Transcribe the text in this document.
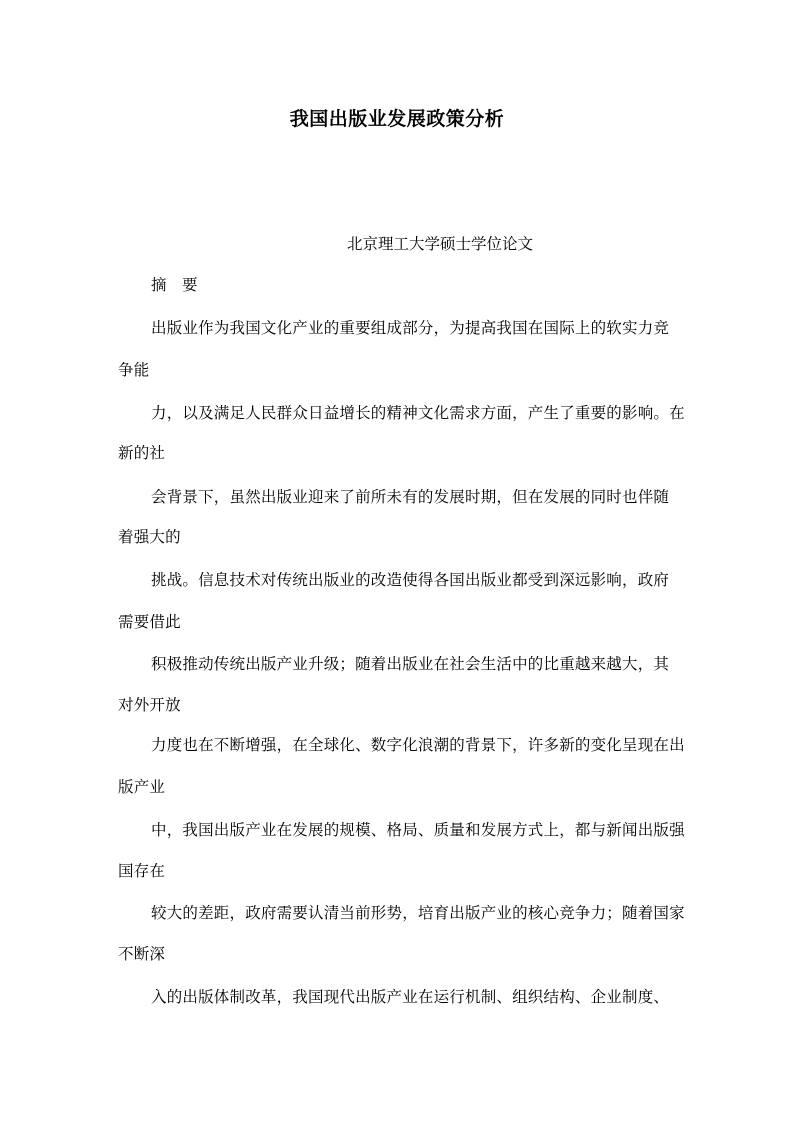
我国出版业发展政策分析
北京理工大学硕士学位论文
摘　要
出版业作为我国文化产业的重要组成部分，为提高我国在国际上的软实力竞
争能
力，以及满足人民群众日益增长的精神文化需求方面，产生了重要的影响。在
新的社
会背景下，虽然出版业迎来了前所未有的发展时期，但在发展的同时也伴随
着强大的
挑战。信息技术对传统出版业的改造使得各国出版业都受到深远影响，政府
需要借此
积极推动传统出版产业升级；随着出版业在社会生活中的比重越来越大，其
对外开放
力度也在不断增强，在全球化、数字化浪潮的背景下，许多新的变化呈现在出
版产业
中，我国出版产业在发展的规模、格局、质量和发展方式上，都与新闻出版强
国存在
较大的差距，政府需要认清当前形势，培育出版产业的核心竞争力；随着国家
不断深
入的出版体制改革，我国现代出版产业在运行机制、组织结构、企业制度、
